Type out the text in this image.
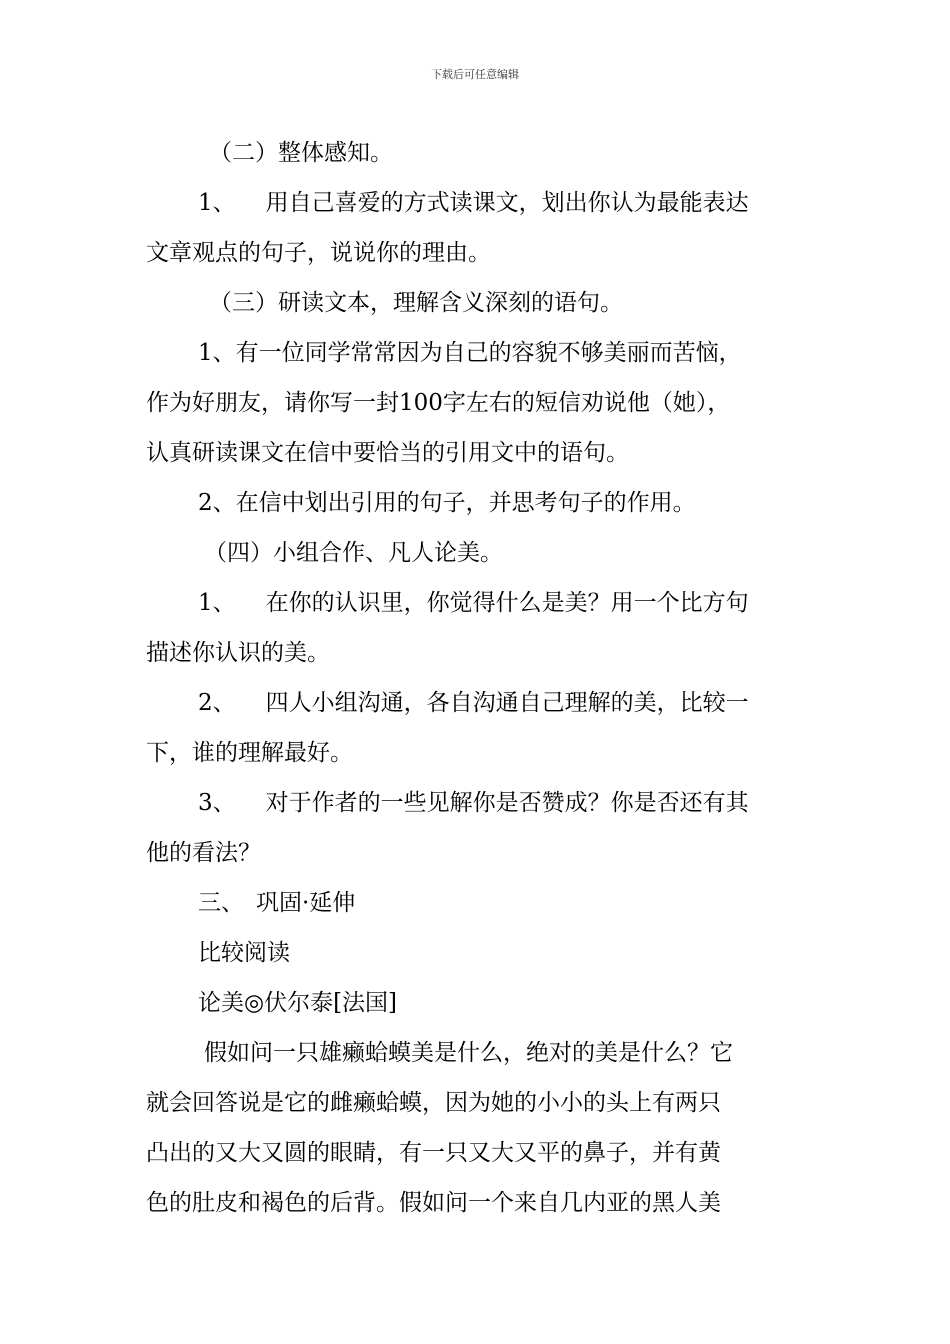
下载后可任意编辑

（二）整体感知。

1、 用自己喜爱的方式读课文，划出你认为最能表达

文章观点的句子，说说你的理由。

（三）研读文本，理解含义深刻的语句。

1、有一位同学常常因为自己的容貌不够美丽而苦恼，

作为好朋友，请你写一封100字左右的短信劝说他（她），

认真研读课文在信中要恰当的引用文中的语句。

2、在信中划出引用的句子，并思考句子的作用。

（四）小组合作、凡人论美。

1、 在你的认识里，你觉得什么是美？用一个比方句

描述你认识的美。

2、 四人小组沟通，各自沟通自己理解的美，比较一

下，谁的理解最好。

3、 对于作者的一些见解你是否赞成？你是否还有其

他的看法？

三、 巩固·延伸

比较阅读

论美◎伏尔泰[法国]

假如问一只雄癞蛤蟆美是什么，绝对的美是什么？它

就会回答说是它的雌癞蛤蟆，因为她的小小的头上有两只

凸出的又大又圆的眼睛，有一只又大又平的鼻子，并有黄

色的肚皮和褐色的后背。假如问一个来自几内亚的黑人美
